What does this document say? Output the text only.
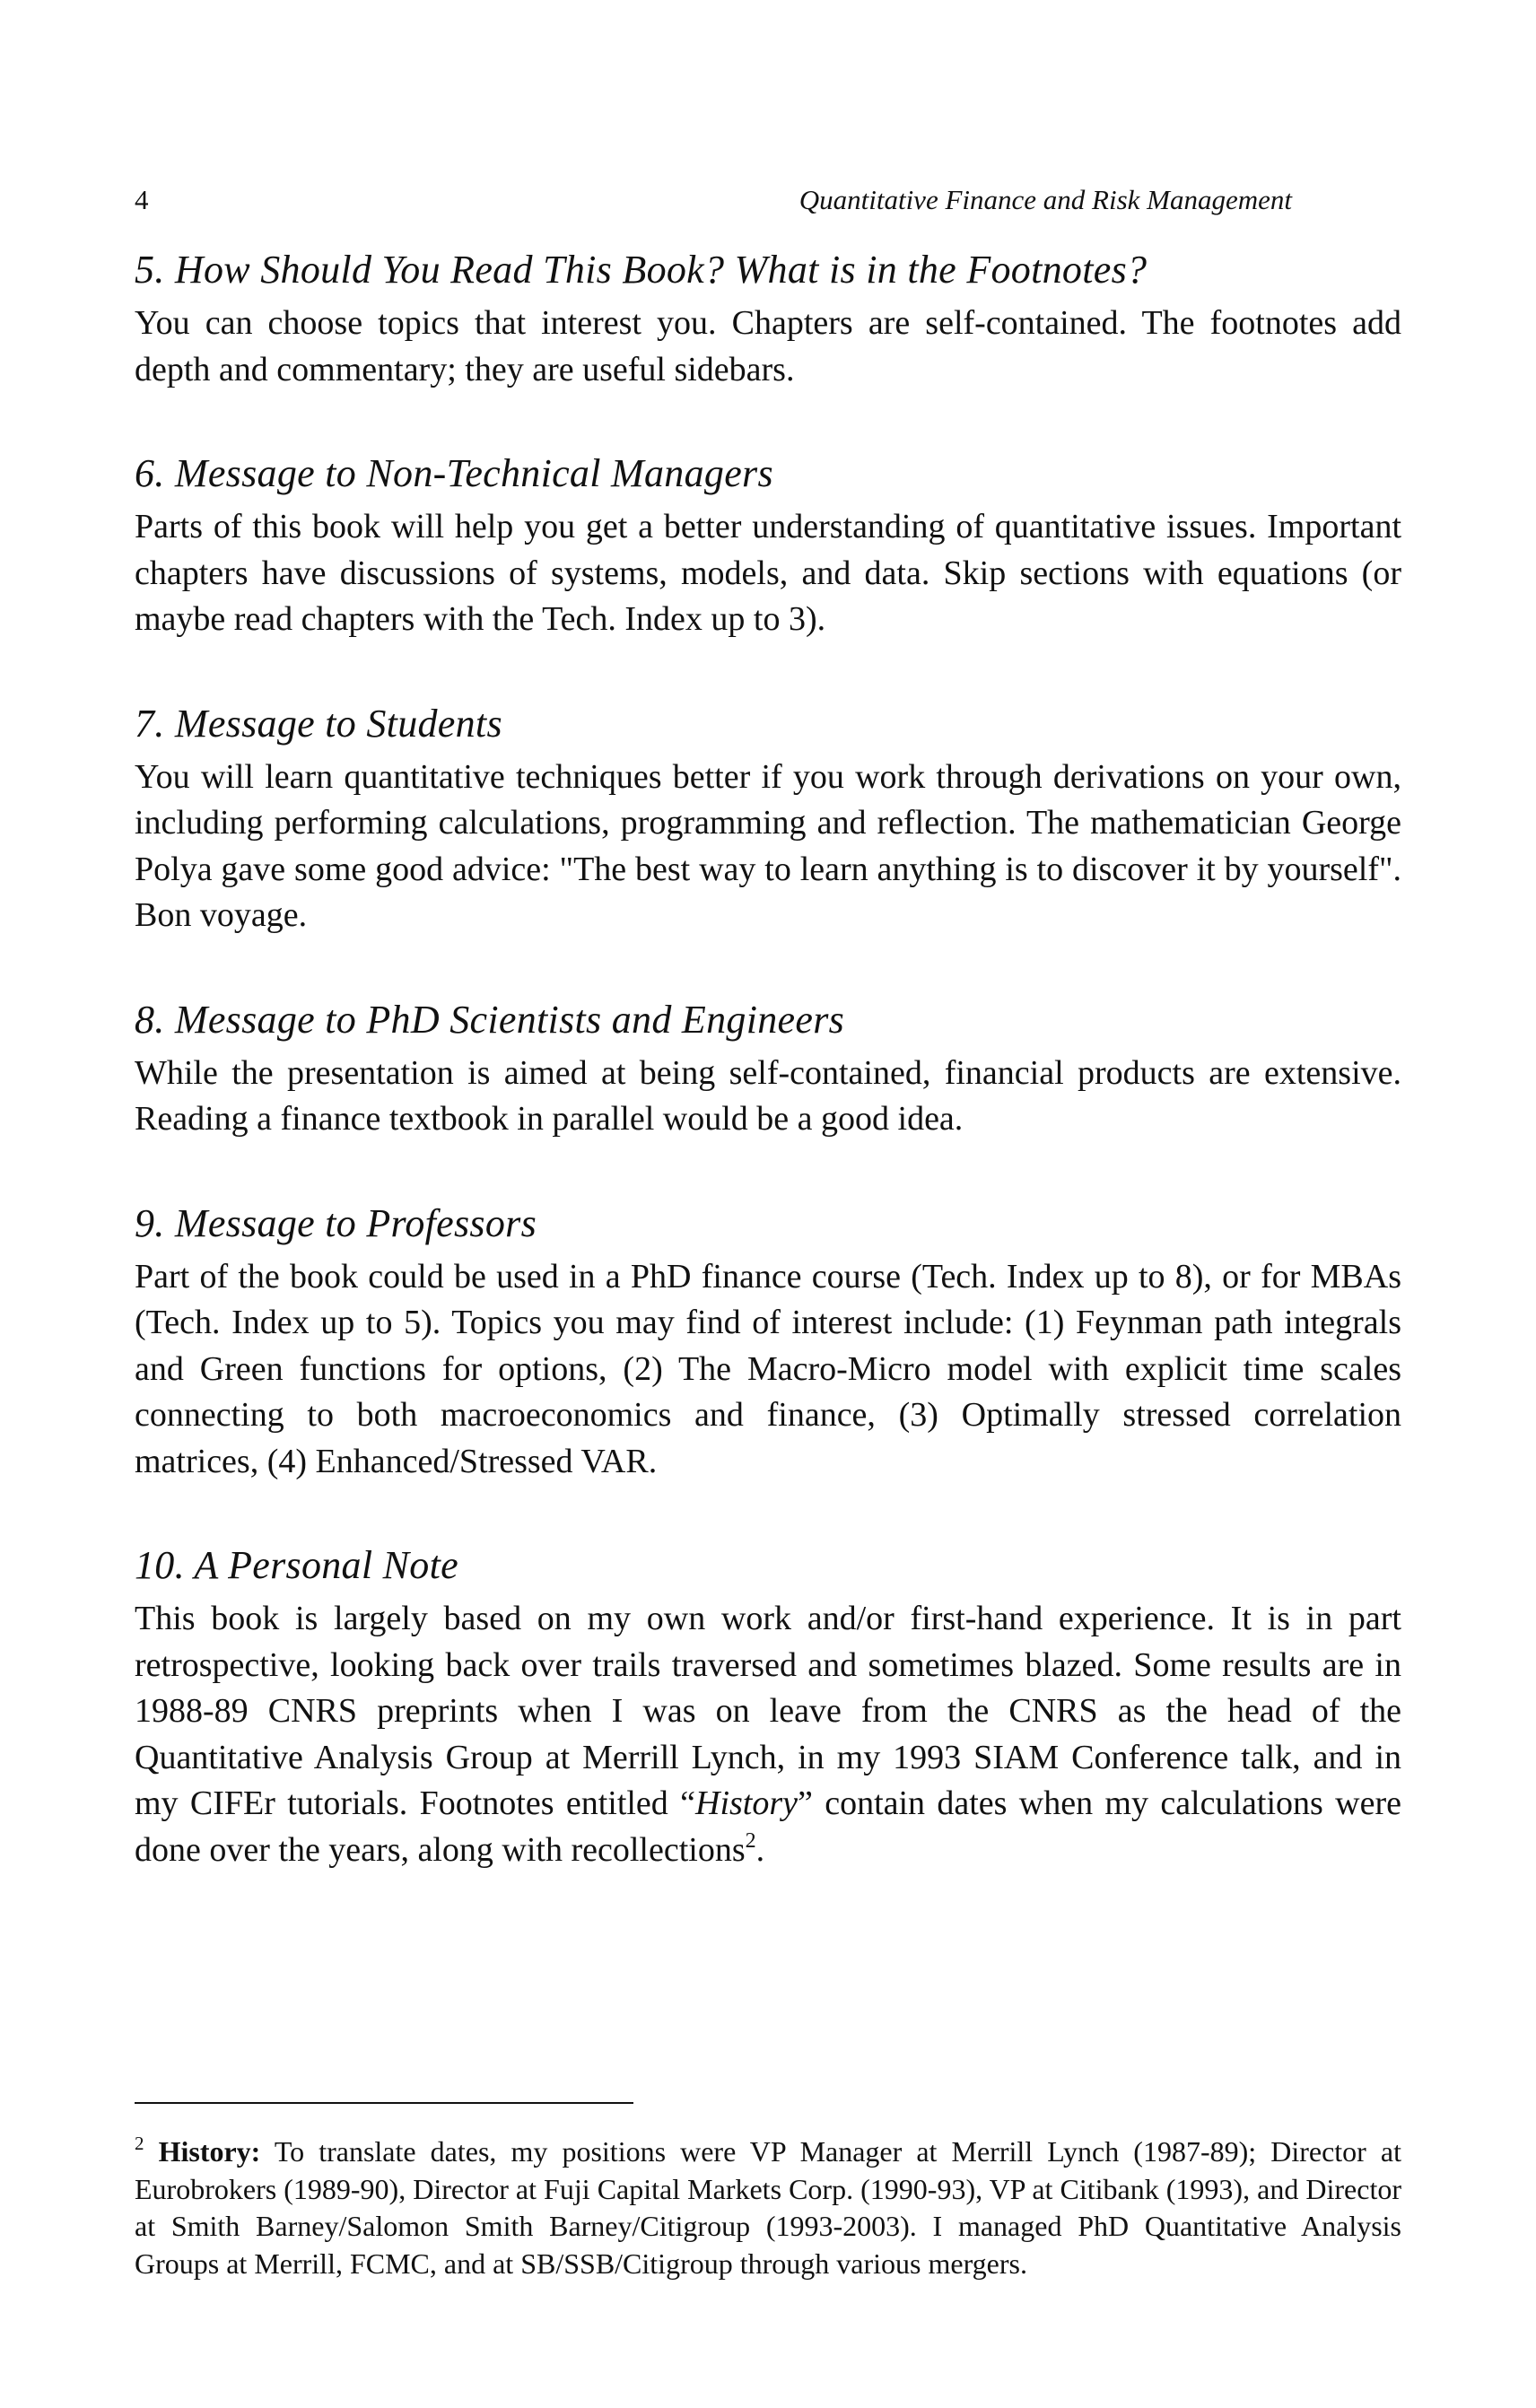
4	Quantitative Finance and Risk Management
5. How Should You Read This Book? What is in the Footnotes?

You can choose topics that interest you. Chapters are self-contained. The footnotes add depth and commentary; they are useful sidebars.

6. Message to Non-Technical Managers

Parts of this book will help you get a better understanding of quantitative issues. Important chapters have discussions of systems, models, and data. Skip sections with equations (or maybe read chapters with the Tech. Index up to 3).

7. Message to Students

You will learn quantitative techniques better if you work through derivations on your own, including performing calculations, programming and reflection. The mathematician George Polya gave some good advice: "The best way to learn anything is to discover it by yourself". Bon voyage.

8. Message to PhD Scientists and Engineers

While the presentation is aimed at being self-contained, financial products are extensive. Reading a finance textbook in parallel would be a good idea.

9. Message to Professors

Part of the book could be used in a PhD finance course (Tech. Index up to 8), or for MBAs (Tech. Index up to 5). Topics you may find of interest include: (1) Feynman path integrals and Green functions for options, (2) The Macro-Micro model with explicit time scales connecting to both macroeconomics and finance, (3) Optimally stressed correlation matrices, (4) Enhanced/Stressed VAR.

10. A Personal Note

This book is largely based on my own work and/or first-hand experience. It is in part retrospective, looking back over trails traversed and sometimes blazed. Some results are in 1988-89 CNRS preprints when I was on leave from the CNRS as the head of the Quantitative Analysis Group at Merrill Lynch, in my 1993 SIAM Conference talk, and in my CIFEr tutorials. Footnotes entitled “History” contain dates when my calculations were done over the years, along with recollections$^2$.

$^2$ History: To translate dates, my positions were VP Manager at Merrill Lynch (1987-89); Director at Eurobrokers (1989-90), Director at Fuji Capital Markets Corp. (1990-93), VP at Citibank (1993), and Director at Smith Barney/Salomon Smith Barney/Citigroup (1993-2003). I managed PhD Quantitative Analysis Groups at Merrill, FCMC, and at SB/SSB/Citigroup through various mergers.
